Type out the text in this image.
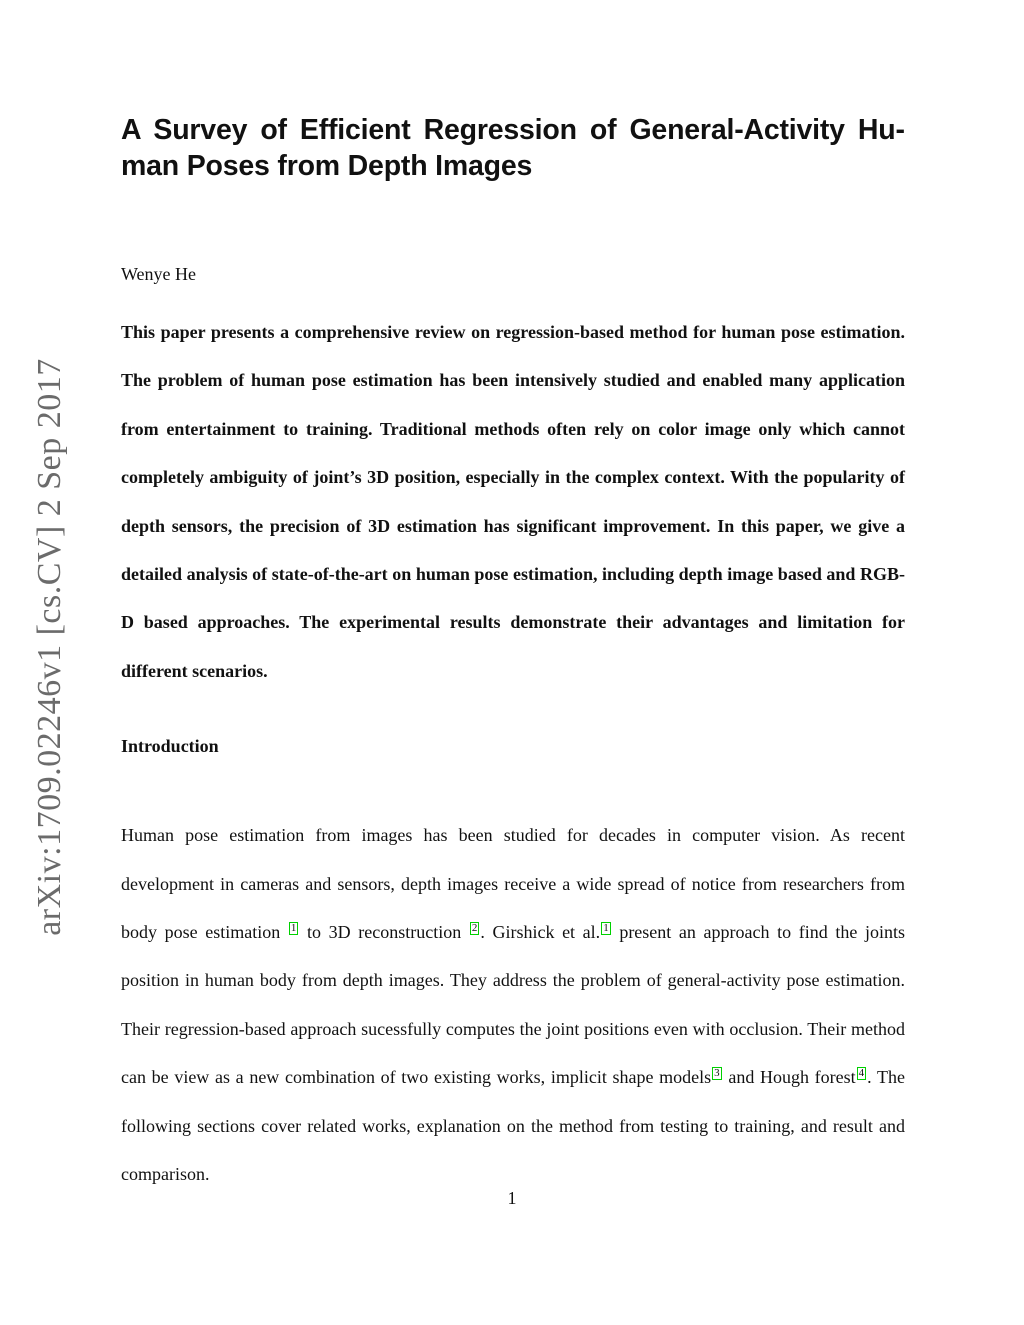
arXiv:1709.02246v1 [cs.CV] 2 Sep 2017
A Survey of Efficient Regression of General-Activity Human Poses from Depth Images
Wenye He

This paper presents a comprehensive review on regression-based method for human pose estimation. The problem of human pose estimation has been intensively studied and enabled many application from entertainment to training. Traditional methods often rely on color image only which cannot completely ambiguity of joint’s 3D position, especially in the complex context. With the popularity of depth sensors, the precision of 3D estimation has significant improvement. In this paper, we give a detailed analysis of state-of-the-art on human pose estimation, including depth image based and RGB-D based approaches. The experimental results demonstrate their advantages and limitation for different scenarios.

Introduction

Human pose estimation from images has been studied for decades in computer vision. As recent development in cameras and sensors, depth images receive a wide spread of notice from researchers from body pose estimation 1 to 3D reconstruction 2 . Girshick et al. 1 present an approach to find the joints position in human body from depth images. They address the problem of general-activity pose estimation. Their regression-based approach sucessfully computes the joint positions even with occlusion. Their method can be view as a new combination of two existing works, implicit shape models 3 and Hough forest 4 . The following sections cover related works, explanation on the method from testing to training, and result and comparison.

1
